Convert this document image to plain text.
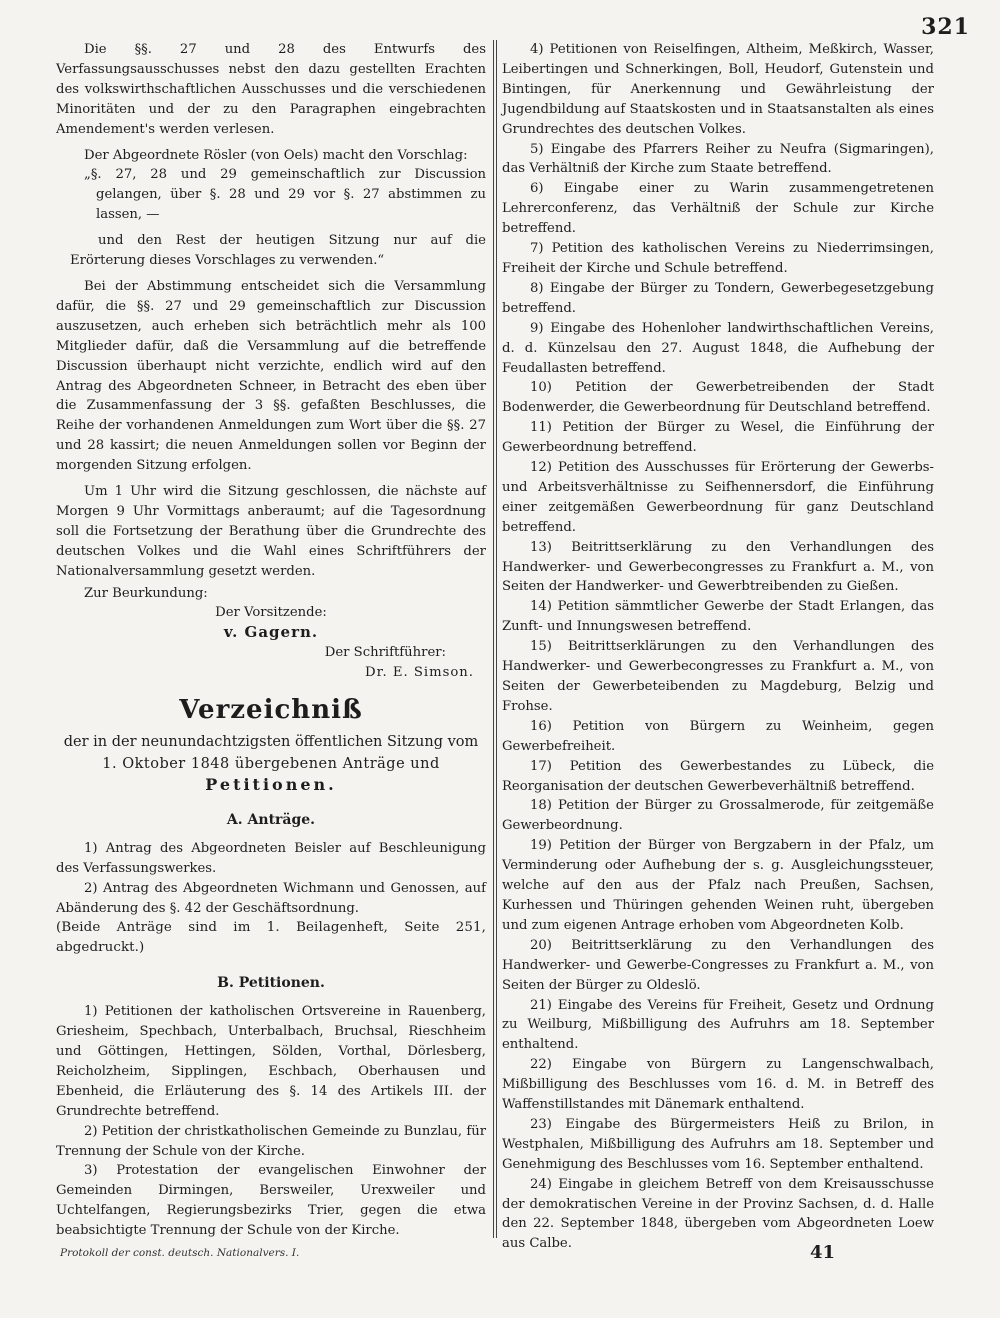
321

Die §§. 27 und 28 des Entwurfs des Verfassungsausschusses nebst den dazu gestellten Erachten des volkswirthschaftlichen Ausschusses und die verschiedenen Minoritäten und der zu den Paragraphen eingebrachten Amendement's werden verlesen.

Der Abgeordnete Rösler (von Oels) macht den Vorschlag:

„§. 27, 28 und 29 gemeinschaftlich zur Discussion gelangen, über §. 28 und 29 vor §. 27 abstimmen zu lassen, —

und den Rest der heutigen Sitzung nur auf die Erörterung dieses Vorschlages zu verwenden.“

Bei der Abstimmung entscheidet sich die Versammlung dafür, die §§. 27 und 29 gemeinschaftlich zur Discussion auszusetzen, auch erheben sich beträchtlich mehr als 100 Mitglieder dafür, daß die Versammlung auf die betreffende Discussion überhaupt nicht verzichte, endlich wird auf den Antrag des Abgeordneten Schneer, in Betracht des eben über die Zusammenfassung der 3 §§. gefaßten Beschlusses, die Reihe der vorhandenen Anmeldungen zum Wort über die §§. 27 und 28 kassirt; die neuen Anmeldungen sollen vor Beginn der morgenden Sitzung erfolgen.

Um 1 Uhr wird die Sitzung geschlossen, die nächste auf Morgen 9 Uhr Vormittags anberaumt; auf die Tagesordnung soll die Fortsetzung der Berathung über die Grundrechte des deutschen Volkes und die Wahl eines Schriftführers der Nationalversammlung gesetzt werden.

Zur Beurkundung:

Der Vorsitzende:

v. Gagern.

Der Schriftführer:

Dr. E. Simson.

Verzeichniß

der in der neunundachtzigsten öffentlichen Sitzung vom

1. Oktober 1848 übergebenen Anträge und

Petitionen.

A. Anträge.

1) Antrag des Abgeordneten Beisler auf Beschleunigung des Verfassungswerkes.

2) Antrag des Abgeordneten Wichmann und Genossen, auf Abänderung des §. 42 der Geschäftsordnung.

(Beide Anträge sind im 1. Beilagenheft, Seite 251, abgedruckt.)

B. Petitionen.

1) Petitionen der katholischen Ortsvereine in Rauenberg, Griesheim, Spechbach, Unterbalbach, Bruchsal, Rieschheim und Göttingen, Hettingen, Sölden, Vorthal, Dörlesberg, Reicholzheim, Sipplingen, Eschbach, Oberhausen und Ebenheid, die Erläuterung des §. 14 des Artikels III. der Grundrechte betreffend.

2) Petition der christkatholischen Gemeinde zu Bunzlau, für Trennung der Schule von der Kirche.

3) Protestation der evangelischen Einwohner der Gemeinden Dirmingen, Bersweiler, Urexweiler und Uchtelfangen, Regierungsbezirks Trier, gegen die etwa beabsichtigte Trennung der Schule von der Kirche.

4) Petitionen von Reiselfingen, Altheim, Meßkirch, Wasser, Leibertingen und Schnerkingen, Boll, Heudorf, Gutenstein und Bintingen, für Anerkennung und Gewährleistung der Jugendbildung auf Staatskosten und in Staatsanstalten als eines Grundrechtes des deutschen Volkes.

5) Eingabe des Pfarrers Reiher zu Neufra (Sigmaringen), das Verhältniß der Kirche zum Staate betreffend.

6) Eingabe einer zu Warin zusammengetretenen Lehrerconferenz, das Verhältniß der Schule zur Kirche betreffend.

7) Petition des katholischen Vereins zu Niederrimsingen, Freiheit der Kirche und Schule betreffend.

8) Eingabe der Bürger zu Tondern, Gewerbegesetzgebung betreffend.

9) Eingabe des Hohenloher landwirthschaftlichen Vereins, d. d. Künzelsau den 27. August 1848, die Aufhebung der Feudallasten betreffend.

10) Petition der Gewerbetreibenden der Stadt Bodenwerder, die Gewerbeordnung für Deutschland betreffend.

11) Petition der Bürger zu Wesel, die Einführung der Gewerbeordnung betreffend.

12) Petition des Ausschusses für Erörterung der Gewerbs- und Arbeitsverhältnisse zu Seifhennersdorf, die Einführung einer zeitgemäßen Gewerbeordnung für ganz Deutschland betreffend.

13) Beitrittserklärung zu den Verhandlungen des Handwerker- und Gewerbecongresses zu Frankfurt a. M., von Seiten der Handwerker- und Gewerbtreibenden zu Gießen.

14) Petition sämmtlicher Gewerbe der Stadt Erlangen, das Zunft- und Innungswesen betreffend.

15) Beitrittserklärungen zu den Verhandlungen des Handwerker- und Gewerbecongresses zu Frankfurt a. M., von Seiten der Gewerbeteibenden zu Magdeburg, Belzig und Frohse.

16) Petition von Bürgern zu Weinheim, gegen Gewerbefreiheit.

17) Petition des Gewerbestandes zu Lübeck, die Reorganisation der deutschen Gewerbeverhältniß betreffend.

18) Petition der Bürger zu Grossalmerode, für zeitgemäße Gewerbeordnung.

19) Petition der Bürger von Bergzabern in der Pfalz, um Verminderung oder Aufhebung der s. g. Ausgleichungssteuer, welche auf den aus der Pfalz nach Preußen, Sachsen, Kurhessen und Thüringen gehenden Weinen ruht, übergeben und zum eigenen Antrage erhoben vom Abgeordneten Kolb.

20) Beitrittserklärung zu den Verhandlungen des Handwerker- und Gewerbe-Congresses zu Frankfurt a. M., von Seiten der Bürger zu Oldeslö.

21) Eingabe des Vereins für Freiheit, Gesetz und Ordnung zu Weilburg, Mißbilligung des Aufruhrs am 18. September enthaltend.

22) Eingabe von Bürgern zu Langenschwalbach, Mißbilligung des Beschlusses vom 16. d. M. in Betreff des Waffenstillstandes mit Dänemark enthaltend.

23) Eingabe des Bürgermeisters Heiß zu Brilon, in Westphalen, Mißbilligung des Aufruhrs am 18. September und Genehmigung des Beschlusses vom 16. September enthaltend.

24) Eingabe in gleichem Betreff von dem Kreisausschusse der demokratischen Vereine in der Provinz Sachsen, d. d. Halle den 22. September 1848, übergeben vom Abgeordneten Loew aus Calbe.

Protokoll der const. deutsch. Nationalvers. I.	41
